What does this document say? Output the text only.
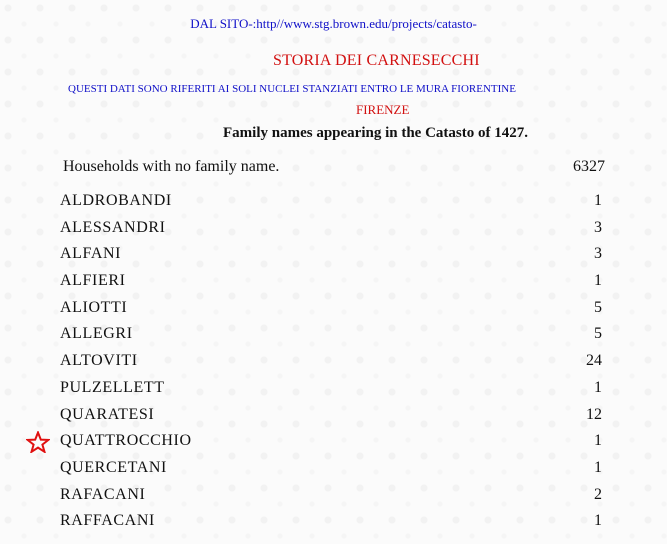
DAL SITO-:http//www.stg.brown.edu/projects/catasto-
STORIA DEI CARNESECCHI
QUESTI DATI SONO RIFERITI AI SOLI NUCLEI STANZIATI ENTRO LE MURA FIORENTINE
FIRENZE
Family names appearing in the Catasto of 1427.
Households with no family name.	6327
ALDROBANDI	1
ALESSANDRI	3
ALFANI	3
ALFIERI	1
ALIOTTI	5
ALLEGRI	5
ALTOVITI	24
PULZELLETT	1
QUARATESI	12
QUATTROCCHIO	1
QUERCETANI	1
RAFACANI	2
RAFFACANI	1
